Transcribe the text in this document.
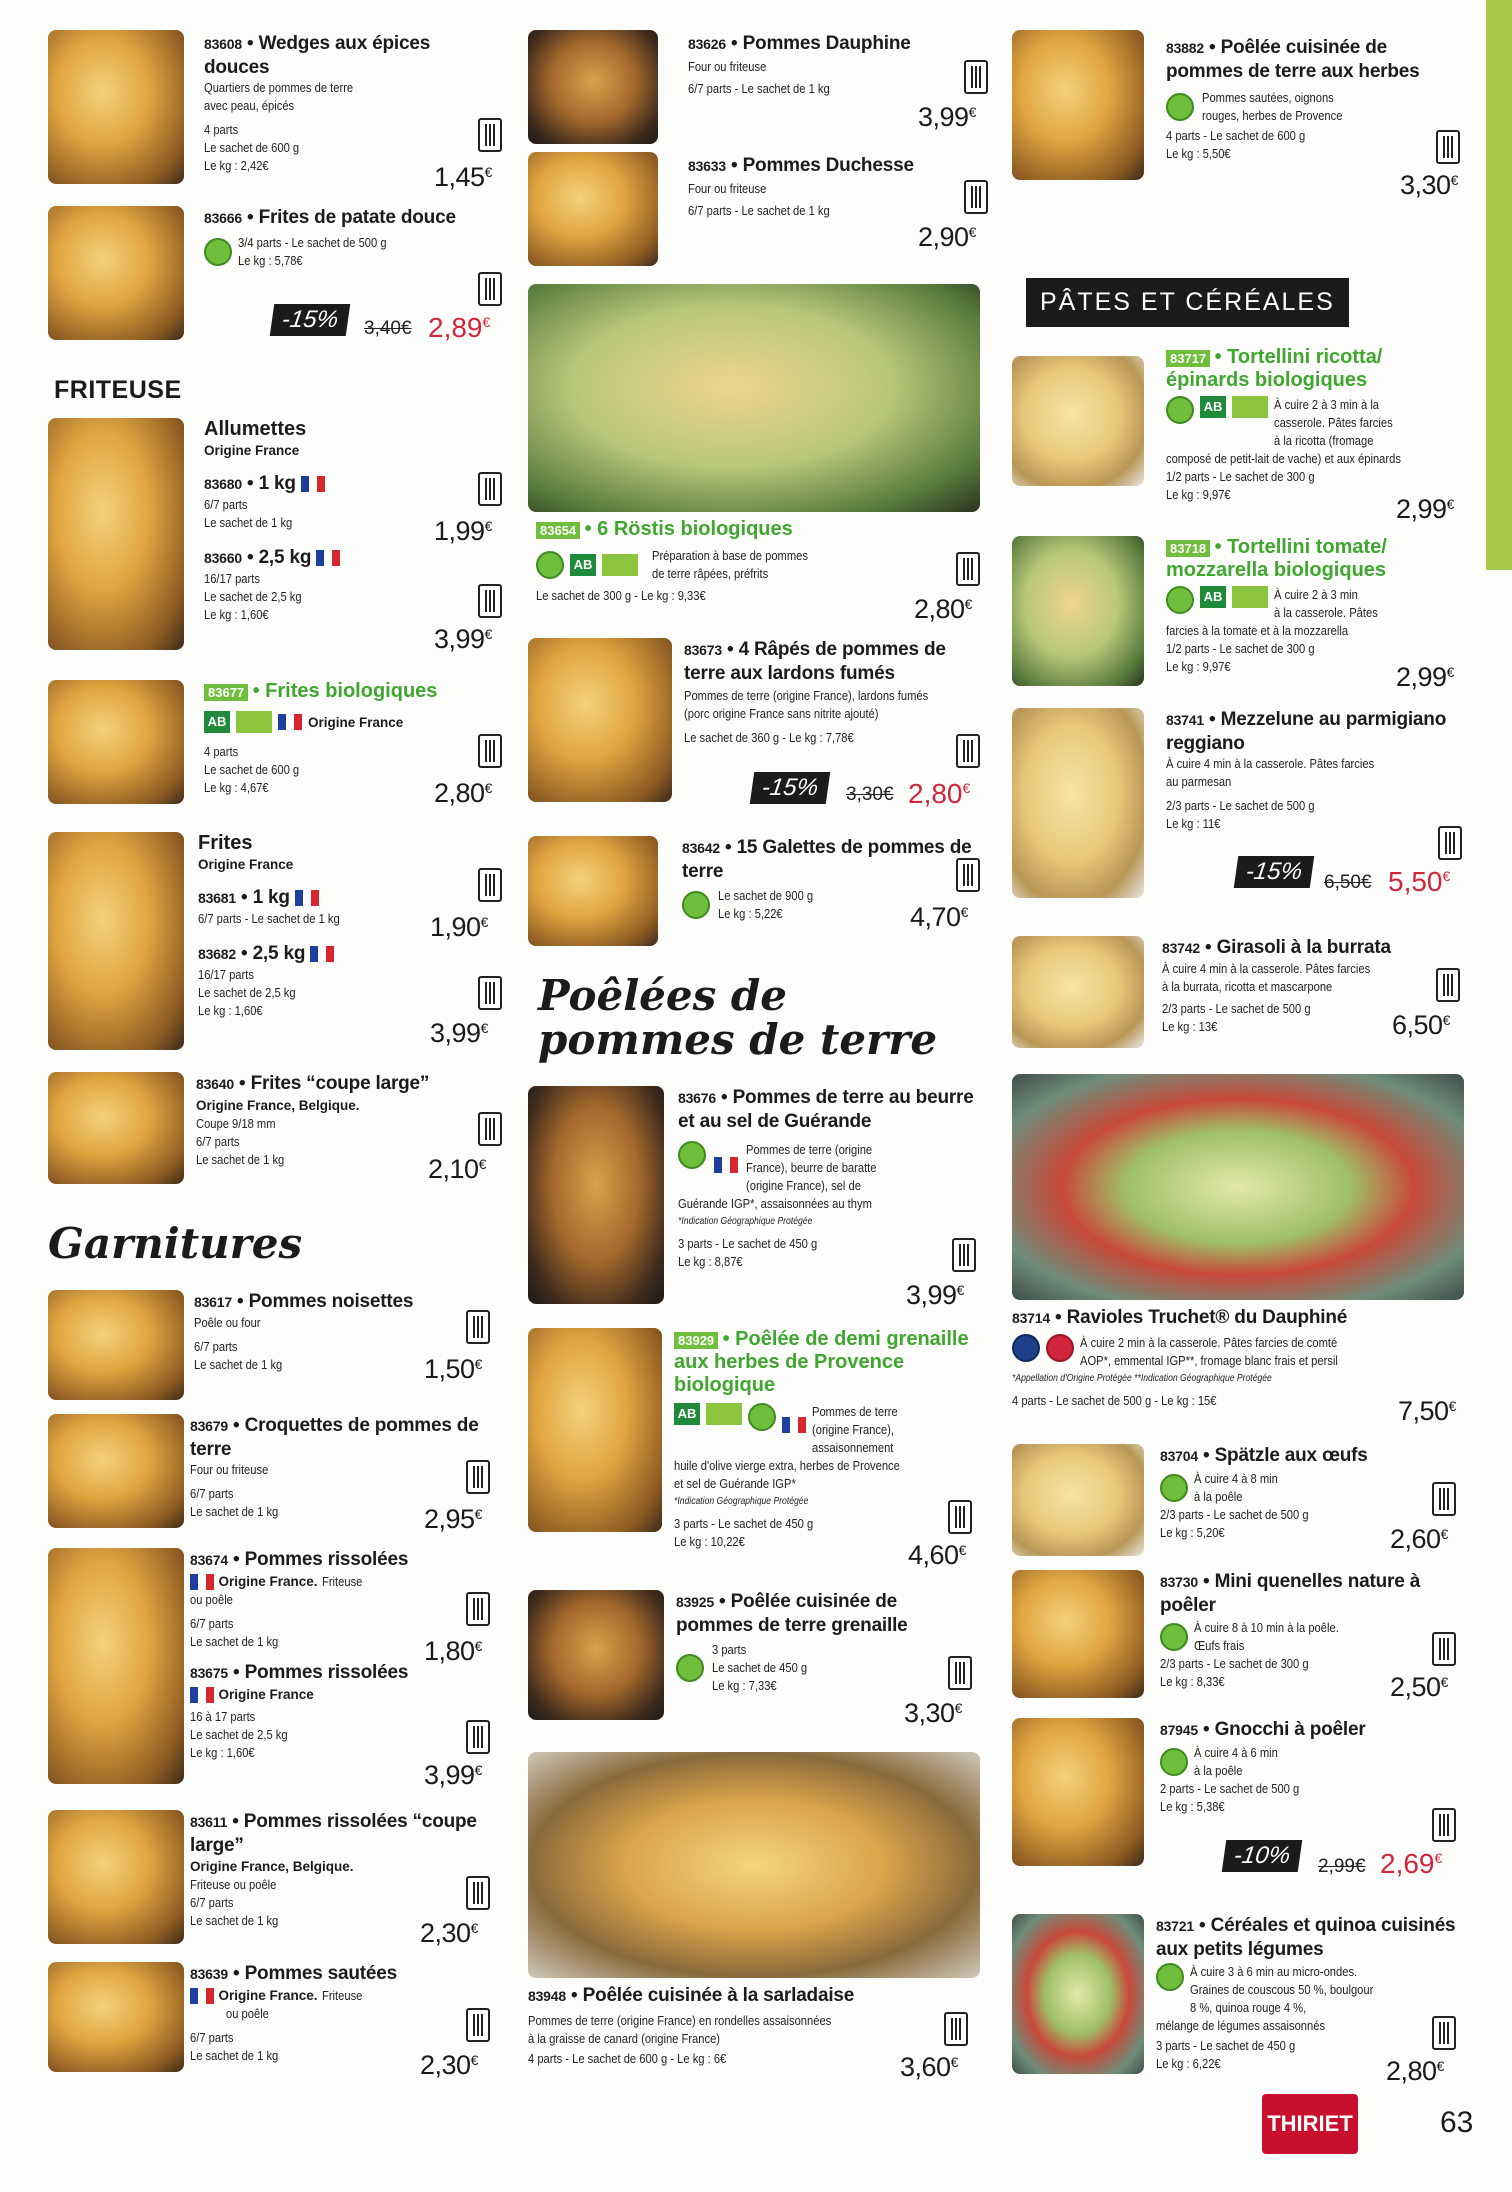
83608 • Wedges aux épices douces
Quartiers de pommes de terre
avec peau, épicés
4 parts
Le sachet de 600 g
Le kg : 2,42€	1,45€
83666 • Frites de patate douce
3/4 parts - Le sachet de 500 g
Le kg : 5,78€
-15%	3,40€ 2,89€
FRITEUSE
Allumettes
Origine France
83680 • 1 kg
6/7 parts
Le sachet de 1 kg
83660 • 2,5 kg
16/17 parts
Le sachet de 2,5 kg
Le kg : 1,60€
1,99€
3,99€
83677 • Frites biologiques
AB	Origine France
4 parts
Le sachet de 600 g
Le kg : 4,67€	2,80€
Frites
Origine France
83681 • 1 kg
6/7 parts - Le sachet de 1 kg
83682 • 2,5 kg
16/17 parts
Le sachet de 2,5 kg
Le kg : 1,60€
1,90€
3,99€
83640 • Frites “coupe large”
Origine France, Belgique.
Coupe 9/18 mm
6/7 parts
Le sachet de 1 kg	2,10€
Garnitures
83617 • Pommes noisettes
Poêle ou four
6/7 parts
Le sachet de 1 kg	1,50€
83679 • Croquettes de pommes de terre
Four ou friteuse
6/7 parts
Le sachet de 1 kg	2,95€
83674 • Pommes rissolées
Origine France. Friteuse
ou poêle
6/7 parts
Le sachet de 1 kg
83675 • Pommes rissolées
Origine France
16 à 17 parts
Le sachet de 2,5 kg
Le kg : 1,60€
1,80€
3,99€
83611 • Pommes rissolées “coupe large”
Origine France, Belgique.
Friteuse ou poêle
6/7 parts
Le sachet de 1 kg	2,30€
83639 • Pommes sautées
Origine France. Friteuse
ou poêle
6/7 parts
Le sachet de 1 kg	2,30€
83626 • Pommes Dauphine
Four ou friteuse
6/7 parts - Le sachet de 1 kg
3,99€
83633 • Pommes Duchesse
Four ou friteuse
6/7 parts - Le sachet de 1 kg
2,90€
83654 • 6 Röstis biologiques
AB
Préparation à base de pommes
de terre râpées, préfrits
Le sachet de 300 g - Le kg : 9,33€	2,80€
83673 • 4 Râpés de pommes de terre aux lardons fumés
Pommes de terre (origine France), lardons fumés
(porc origine France sans nitrite ajouté)
Le sachet de 360 g - Le kg : 7,78€
-15%	3,30€ 2,80€
83642 • 15 Galettes de pommes de terre
Le sachet de 900 g
Le kg : 5,22€	4,70€
Poêlées de pommes de terre
83676 • Pommes de terre au beurre et au sel de Guérande
Pommes de terre (origine
France), beurre de baratte
(origine France), sel de
Guérande IGP*, assaisonnées au thym
*Indication Géographique Protégée
3 parts - Le sachet de 450 g
Le kg : 8,87€
3,99€
83929 • Poêlée de demi grenaille aux herbes de Provence biologique
AB	Pommes de terre
(origine France),
assaisonnement
huile d'olive vierge extra, herbes de Provence
et sel de Guérande IGP*
*Indication Géographique Protégée
3 parts - Le sachet de 450 g
Le kg : 10,22€	4,60€
83925 • Poêlée cuisinée de pommes de terre grenaille
3 parts
Le sachet de 450 g
Le kg : 7,33€
3,30€
83948 • Poêlée cuisinée à la sarladaise
Pommes de terre (origine France) en rondelles assaisonnées
à la graisse de canard (origine France)
4 parts - Le sachet de 600 g - Le kg : 6€	3,60€
83882 • Poêlée cuisinée de pommes de terre aux herbes
Pommes sautées, oignons
rouges, herbes de Provence
4 parts - Le sachet de 600 g
Le kg : 5,50€
3,30€
PÂTES ET CÉRÉALES
83717 • Tortellini ricotta/ épinards biologiques
AB	À cuire 2 à 3 min à la
casserole. Pâtes farcies
à la ricotta (fromage
composé de petit-lait de vache) et aux épinards
1/2 parts - Le sachet de 300 g
Le kg : 9,97€	2,99€
83718 • Tortellini tomate/ mozzarella biologiques
AB	À cuire 2 à 3 min
à la casserole. Pâtes
farcies à la tomate et à la mozzarella
1/2 parts - Le sachet de 300 g
Le kg : 9,97€	2,99€
83741 • Mezzelune au parmigiano reggiano
À cuire 4 min à la casserole. Pâtes farcies
au parmesan
2/3 parts - Le sachet de 500 g
Le kg : 11€
-15%	6,50€ 5,50€
83742 • Girasoli à la burrata
À cuire 4 min à la casserole. Pâtes farcies
à la burrata, ricotta et mascarpone
2/3 parts - Le sachet de 500 g
Le kg : 13€	6,50€
83714 • Ravioles Truchet® du Dauphiné
À cuire 2 min à la casserole. Pâtes farcies de comté
AOP*, emmental IGP**, fromage blanc frais et persil
*Appellation d'Origine Protégée **Indication Géographique Protégée
4 parts - Le sachet de 500 g - Le kg : 15€	7,50€
83704 • Spätzle aux œufs
À cuire 4 à 8 min
à la poêle
2/3 parts - Le sachet de 500 g
Le kg : 5,20€	2,60€
83730 • Mini quenelles nature à poêler
À cuire 8 à 10 min à la poêle.
Œufs frais
2/3 parts - Le sachet de 300 g
Le kg : 8,33€	2,50€
87945 • Gnocchi à poêler
À cuire 4 à 6 min
à la poêle
2 parts - Le sachet de 500 g
Le kg : 5,38€
-10%	2,99€ 2,69€
83721 • Céréales et quinoa cuisinés aux petits légumes
À cuire 3 à 6 min au micro-ondes.
Graines de couscous 50 %, boulgour
8 %, quinoa rouge 4 %,
mélange de légumes assaisonnés
3 parts - Le sachet de 450 g
Le kg : 6,22€	2,80€
THIRIET	63
